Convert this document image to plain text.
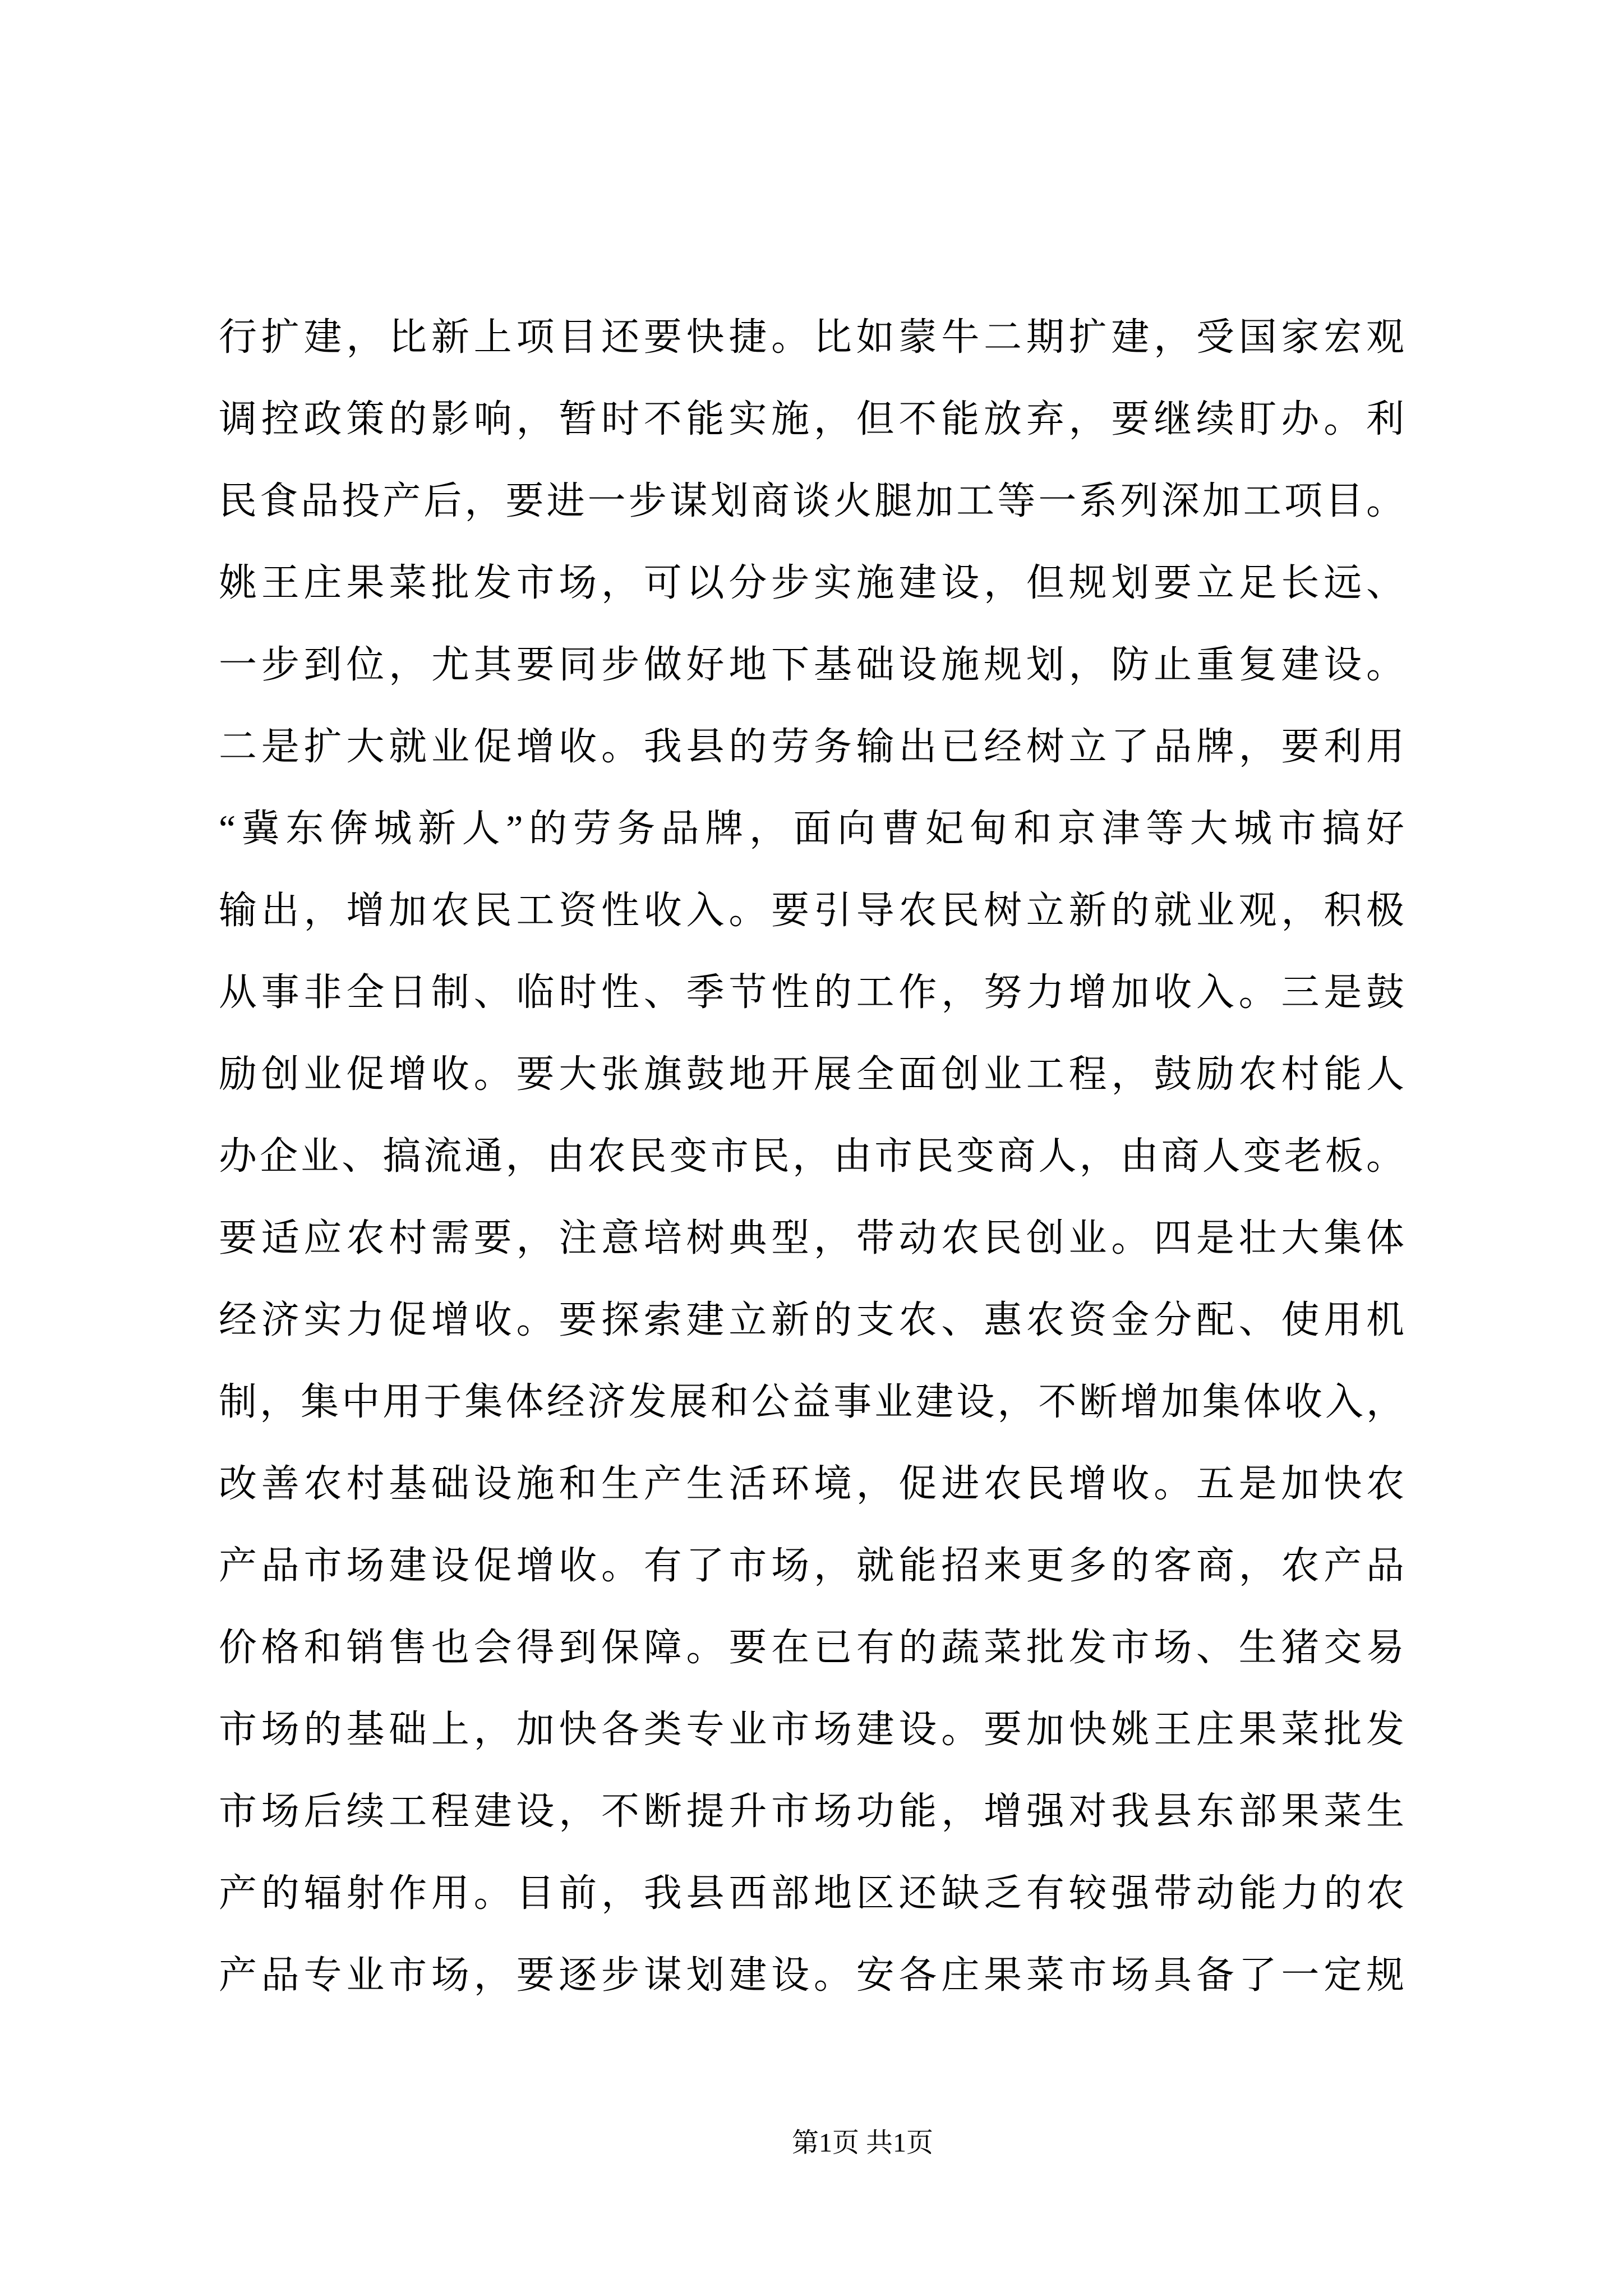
行扩建，比新上项目还要快捷。比如蒙牛二期扩建，受国家宏观
调控政策的影响，暂时不能实施，但不能放弃，要继续盯办。利
民食品投产后，要进一步谋划商谈火腿加工等一系列深加工项目。
姚王庄果菜批发市场，可以分步实施建设，但规划要立足长远、
一步到位，尤其要同步做好地下基础设施规划，防止重复建设。
二是扩大就业促增收。我县的劳务输出已经树立了品牌，要利用
“冀东倴城新人”的劳务品牌，面向曹妃甸和京津等大城市搞好
输出，增加农民工资性收入。要引导农民树立新的就业观，积极
从事非全日制、临时性、季节性的工作，努力增加收入。三是鼓
励创业促增收。要大张旗鼓地开展全面创业工程，鼓励农村能人
办企业、搞流通，由农民变市民，由市民变商人，由商人变老板。
要适应农村需要，注意培树典型，带动农民创业。四是壮大集体
经济实力促增收。要探索建立新的支农、惠农资金分配、使用机
制，集中用于集体经济发展和公益事业建设，不断增加集体收入，
改善农村基础设施和生产生活环境，促进农民增收。五是加快农
产品市场建设促增收。有了市场，就能招来更多的客商，农产品
价格和销售也会得到保障。要在已有的蔬菜批发市场、生猪交易
市场的基础上，加快各类专业市场建设。要加快姚王庄果菜批发
市场后续工程建设，不断提升市场功能，增强对我县东部果菜生
产的辐射作用。目前，我县西部地区还缺乏有较强带动能力的农
产品专业市场，要逐步谋划建设。安各庄果菜市场具备了一定规
第1页 共1页
